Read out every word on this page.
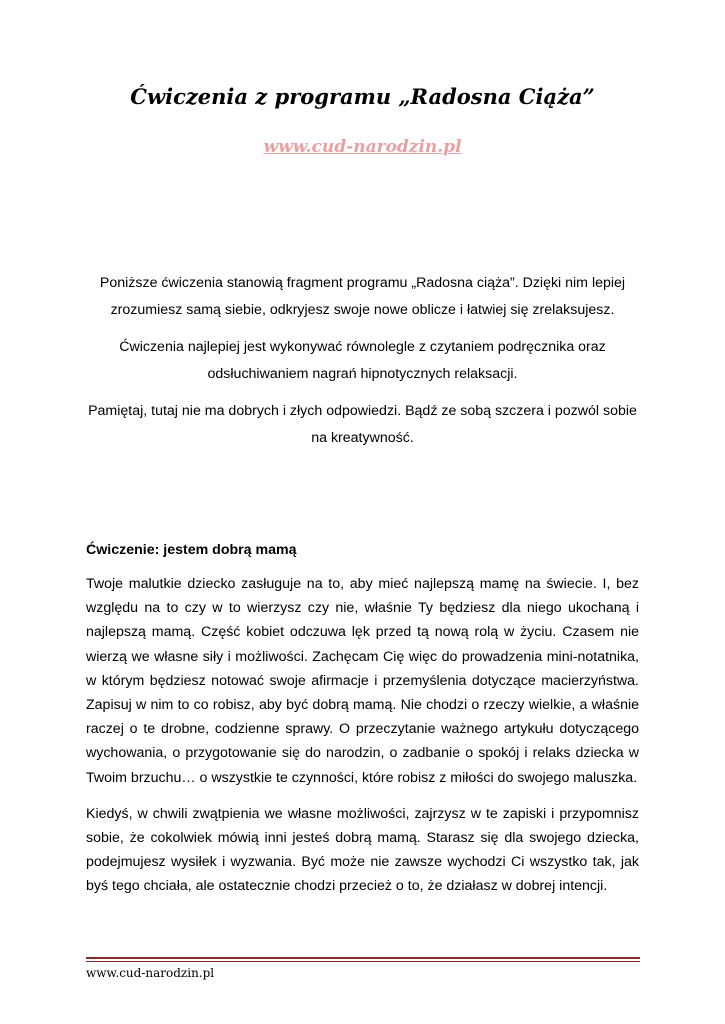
Ćwiczenia z programu „Radosna Ciąża”
www.cud-narodzin.pl

Poniższe ćwiczenia stanowią fragment programu „Radosna ciąża”. Dzięki nim lepiej zrozumiesz samą siebie, odkryjesz swoje nowe oblicze i łatwiej się zrelaksujesz.

Ćwiczenia najlepiej jest wykonywać równolegle z czytaniem podręcznika oraz odsłuchiwaniem nagrań hipnotycznych relaksacji.

Pamiętaj, tutaj nie ma dobrych i złych odpowiedzi. Bądź ze sobą szczera i pozwól sobie na kreatywność.

Ćwiczenie: jestem dobrą mamą

Twoje malutkie dziecko zasługuje na to, aby mieć najlepszą mamę na świecie. I, bez względu na to czy w to wierzysz czy nie, właśnie Ty będziesz dla niego ukochaną i najlepszą mamą. Część kobiet odczuwa lęk przed tą nową rolą w życiu. Czasem nie wierzą we własne siły i możliwości. Zachęcam Cię więc do prowadzenia mini-notatnika, w którym będziesz notować swoje afirmacje i przemyślenia dotyczące macierzyństwa. Zapisuj w nim to co robisz, aby być dobrą mamą. Nie chodzi o rzeczy wielkie, a właśnie raczej o te drobne, codzienne sprawy. O przeczytanie ważnego artykułu dotyczącego wychowania, o przygotowanie się do narodzin, o zadbanie o spokój i relaks dziecka w Twoim brzuchu… o wszystkie te czynności, które robisz z miłości do swojego maluszka.

Kiedyś, w chwili zwątpienia we własne możliwości, zajrzysz w te zapiski i przypomnisz sobie, że cokolwiek mówią inni jesteś dobrą mamą. Starasz się dla swojego dziecka, podejmujesz wysiłek i wyzwania. Być może nie zawsze wychodzi Ci wszystko tak, jak byś tego chciała, ale ostatecznie chodzi przecież o to, że działasz w dobrej intencji.

www.cud-narodzin.pl
